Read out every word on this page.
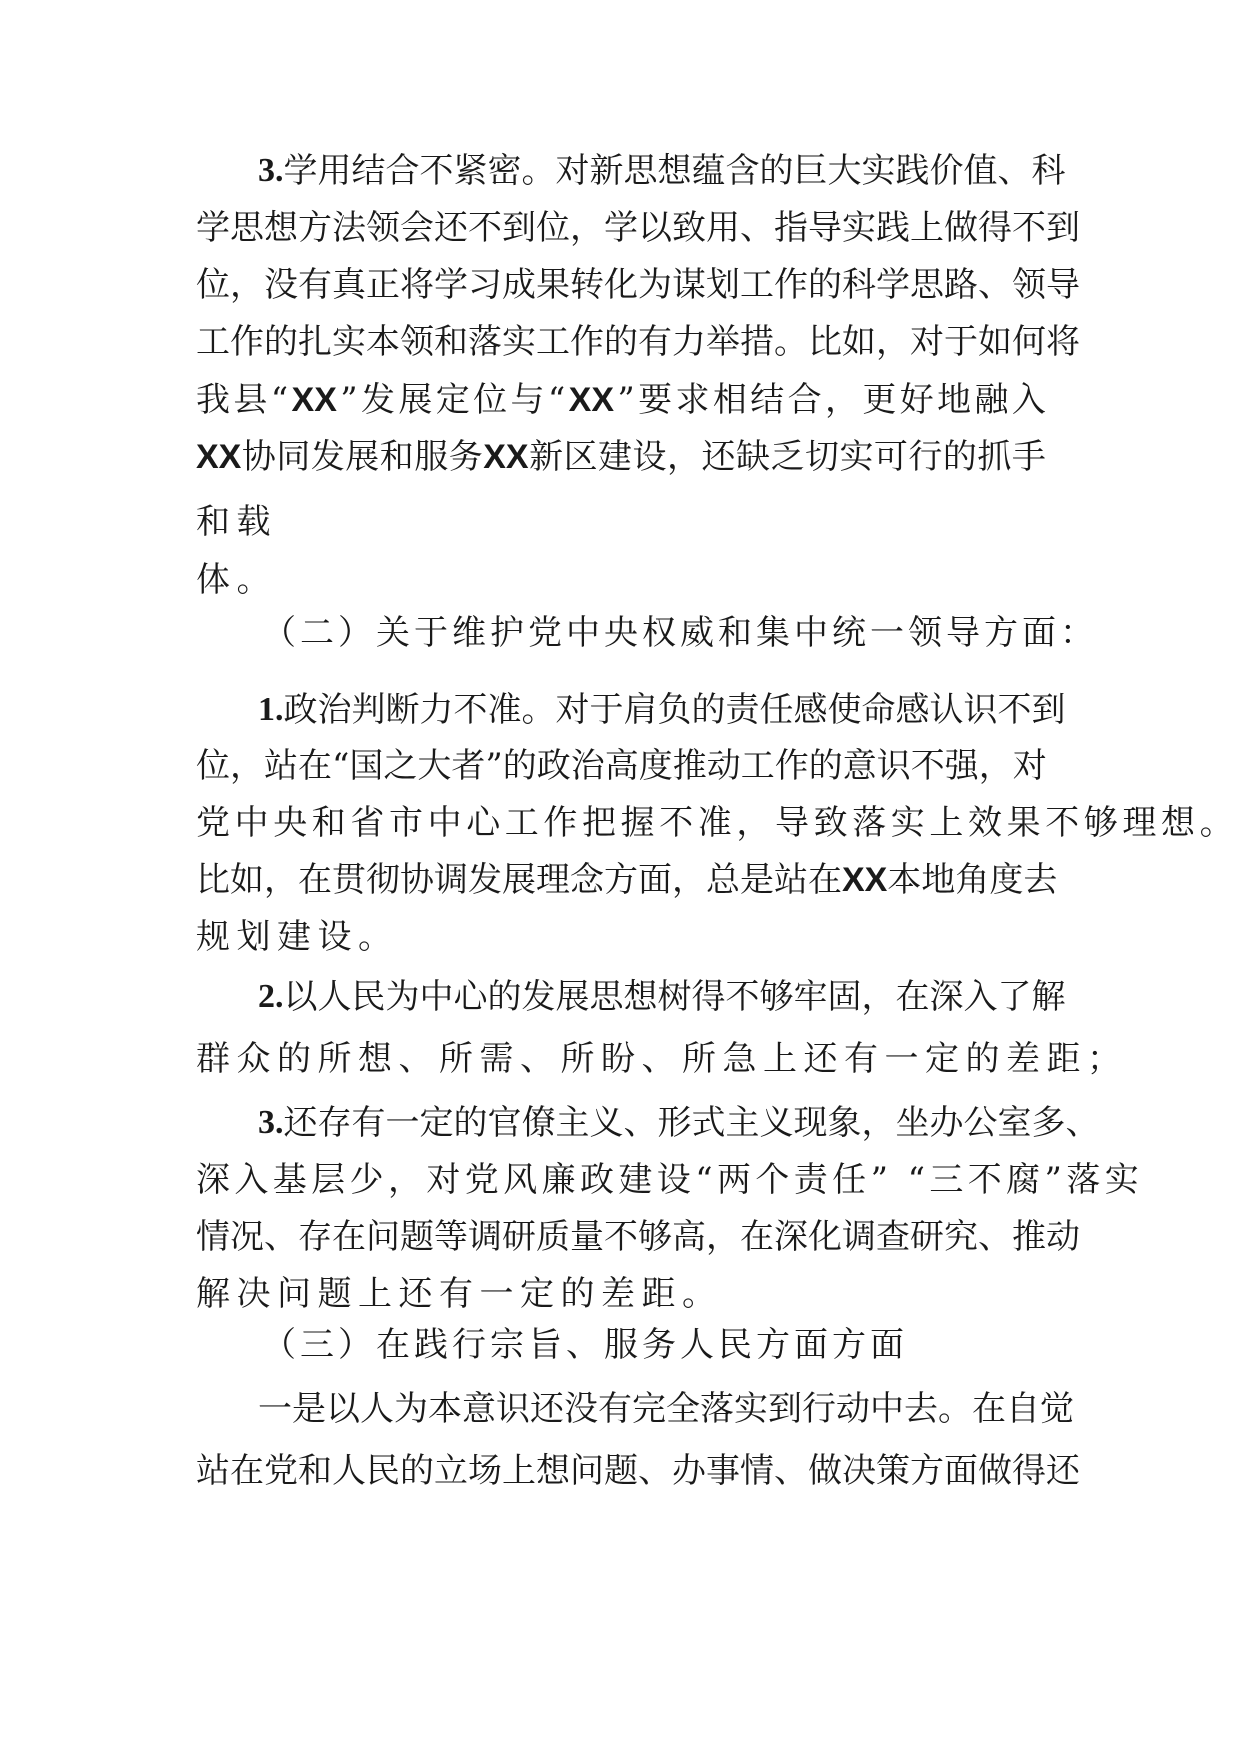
3. 学 用 结 合 不 紧 密 。 对 新 思 想 蕴 含 的 巨 大 实 践 价 值 、 科
学 思 想 方 法 领 会 还 不 到 位 ， 学 以 致 用 、 指 导 实 践 上 做 得 不 到
位 ， 没 有 真 正 将 学 习 成 果 转 化 为 谋 划 工 作 的 科 学 思 路 、 领 导
工 作 的 扎 实 本 领 和 落 实 工 作 的 有 力 举 措 。 比 如 ， 对 于 如 何 将
我 县 “ XX ” 发 展 定 位 与 “ XX ” 要 求 相 结 合 ， 更 好 地 融 入
XX 协 同 发 展 和 服 务 XX 新 区 建 设 ， 还 缺 乏 切 实 可 行 的 抓 手
和载
体。
（二）关于维护党中央权威和集中统一领导方面：
1. 政 治 判 断 力 不 准 。 对 于 肩 负 的 责 任 感 使 命 感 认 识 不 到
位 ， 站 在 “ 国 之 大 者 ” 的 政 治 高 度 推 动 工 作 的 意 识 不 强 ， 对
党中央和省市中心工作把握不准，导致落实上效果不够理想。
比 如 ， 在 贯 彻 协 调 发 展 理 念 方 面 ， 总 是 站 在 XX 本 地 角 度 去
规划建设。
2. 以 人 民 为 中 心 的 发 展 思 想 树 得 不 够 牢 固 ， 在 深 入 了 解
群众的所想、所需、所盼、所急上还有一定的差距；
3. 还 存 有 一 定 的 官 僚 主 义 、 形 式 主 义 现 象 ， 坐 办 公 室 多 、
深入基层少，对党风廉政建设“两个责任” “三不腐”落实
情 况 、 存 在 问 题 等 调 研 质 量 不 够 高 ， 在 深 化 调 查 研 究 、 推 动
解决问题上还有一定的差距。
（三）在践行宗旨、服务人民方面方面
一 是 以 人 为 本 意 识 还 没 有 完 全 落 实 到 行 动 中 去 。 在 自 觉
站 在 党 和 人 民 的 立 场 上 想 问 题 、 办 事 情 、 做 决 策 方 面 做 得 还
